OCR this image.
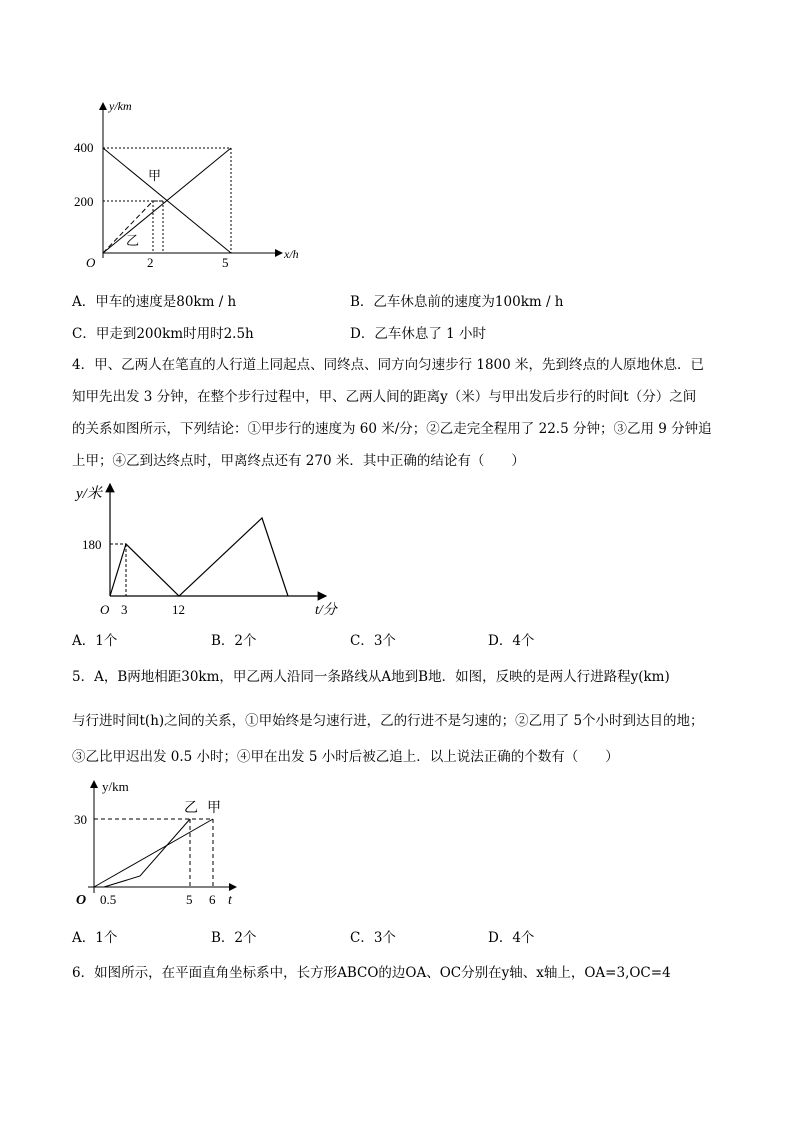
y/km
x/h
O
400
200
2	5
甲
乙
A．甲车的速度是80km / h	B．乙车休息前的速度为100km / h
C．甲走到200km时用时2.5h	D．乙车休息了 1 小时
4．甲、乙两人在笔直的人行道上同起点、同终点、同方向匀速步行 1800 米，先到终点的人原地休息．已
知甲先出发 3 分钟，在整个步行过程中，甲、乙两人间的距离y（米）与甲出发后步行的时间t（分）之间
的关系如图所示，下列结论：①甲步行的速度为 60 米/分；②乙走完全程用了 22.5 分钟；③乙用 9 分钟追
上甲；④乙到达终点时，甲离终点还有 270 米．其中正确的结论有（　　）
y/米
180
O 3	12	t/分
A．1个	B．2个	C．3个	D．4个
5．A，B两地相距30km，甲乙两人沿同一条路线从A地到B地．如图，反映的是两人行进路程y(km)
与行进时间t(h)之间的关系，①甲始终是匀速行进，乙的行进不是匀速的；②乙用了 5个小时到达目的地；
③乙比甲迟出发 0.5 小时；④甲在出发 5 小时后被乙追上．以上说法正确的个数有（　　）
y/km
30
O 0.5	5 6 t
乙 甲
A．1个	B．2个	C．3个	D．4个
6．如图所示，在平面直角坐标系中，长方形ABCO的边OA、OC分别在y轴、x轴上，OA=3,OC=4
